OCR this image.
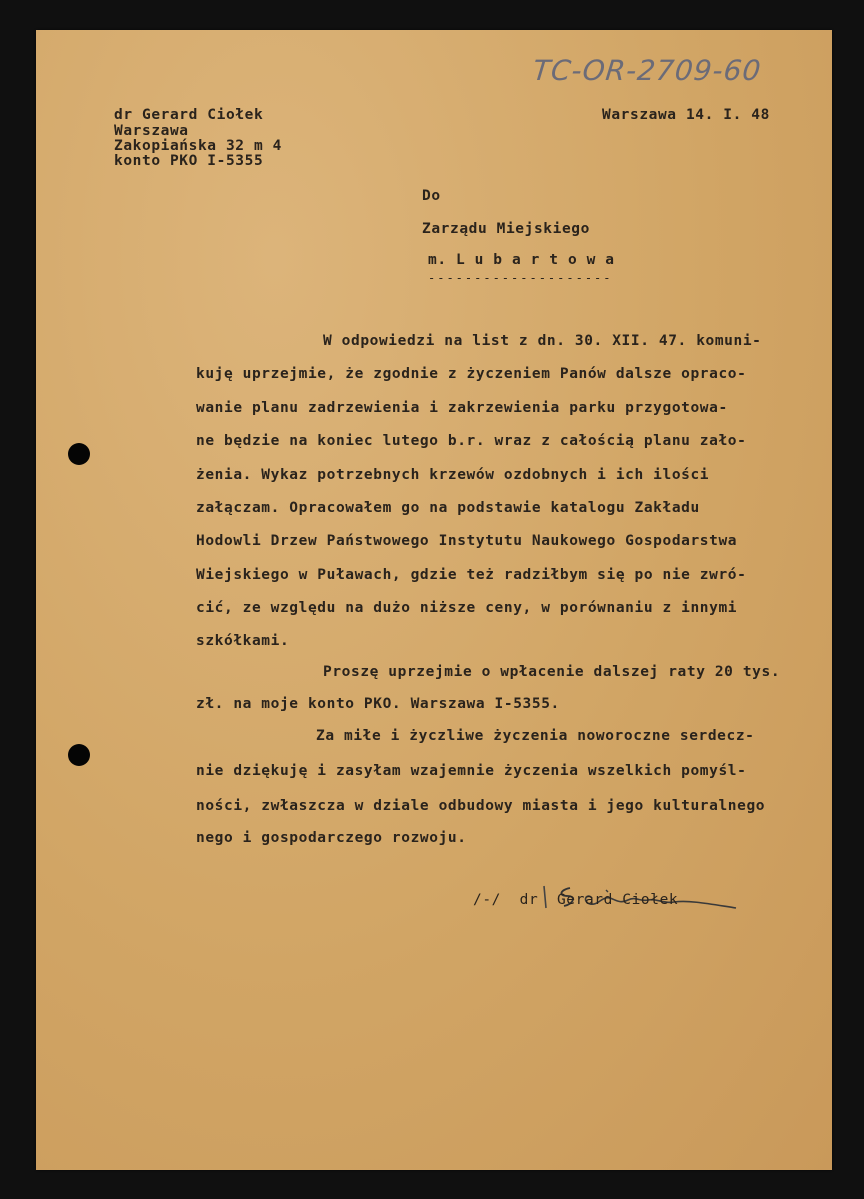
TC-OR-2709-60
dr Gerard Ciołek
Warszawa
Zakopiańska 32 m 4
konto PKO I-5355
Warszawa 14. I. 48
Do
Zarządu Miejskiego
m. L u b a r t o w a
--------------------
W odpowiedzi na list z dn. 30. XII. 47. komuni-
kuję uprzejmie, że zgodnie z życzeniem Panów dalsze opraco-
wanie planu zadrzewienia i zakrzewienia parku przygotowa-
ne będzie na koniec lutego b.r. wraz z całością planu zało-
żenia. Wykaz potrzebnych krzewów ozdobnych i ich ilości
załączam. Opracowałem go na podstawie katalogu Zakładu
Hodowli Drzew Państwowego Instytutu Naukowego Gospodarstwa
Wiejskiego w Puławach, gdzie też radziłbym się po nie zwró-
cić, ze względu na dużo niższe ceny, w porównaniu z innymi
szkółkami.
Proszę uprzejmie o wpłacenie dalszej raty 20 tys.
zł. na moje konto PKO. Warszawa I-5355.
Za miłe i życzliwe życzenia noworoczne serdecz-
nie dziękuję i zasyłam wzajemnie życzenia wszelkich pomyśl-
ności, zwłaszcza w dziale odbudowy miasta i jego kulturalnego
nego i gospodarczego rozwoju.
/-/  dr  Gerard Ciołek
